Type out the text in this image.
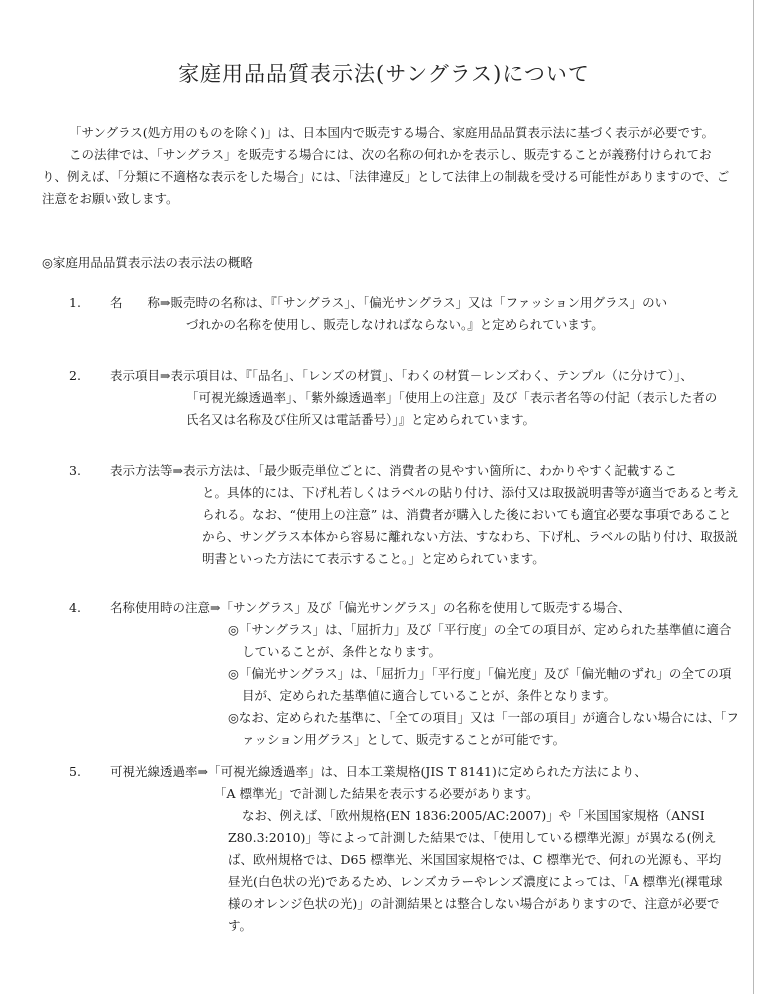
家庭用品品質表示法(サングラス)について
「サングラス(処方用のものを除く)」は、日本国内で販売する場合、家庭用品品質表示法に基づく表示が必要です。
この法律では、「サングラス」を販売する場合には、次の名称の何れかを表示し、販売することが義務付けられており、例えば、「分類に不適格な表示をした場合」には、「法律違反」として法律上の制裁を受ける可能性がありますので、ご注意をお願い致します。
◎家庭用品品質表示法の表示法の概略
1.	名　　称⇒販売時の名称は、『「サングラス」、「偏光サングラス」又は「ファッション用グラス」のい
づれかの名称を使用し、販売しなければならない。』と定められています。
2.	表示項目⇒表示項目は、『「品名」、「レンズの材質」、「わくの材質－レンズわく、テンプル（に分けて）」、
「可視光線透過率」、「紫外線透過率」「使用上の注意」及び「表示者名等の付記（表示した者の氏名又は名称及び住所又は電話番号）」』と定められています。
3.	表示方法等⇒表示方法は、「最少販売単位ごとに、消費者の見やすい箇所に、わかりやすく記載するこ
と。具体的には、下げ札若しくはラベルの貼り付け、添付又は取扱説明書等が適当であると考えられる。なお、“使用上の注意” は、消費者が購入した後においても適宜必要な事項であることから、サングラス本体から容易に離れない方法、すなわち、下げ札、ラベルの貼り付け、取扱説明書といった方法にて表示すること。」と定められています。
4.	名称使用時の注意⇒「サングラス」及び「偏光サングラス」の名称を使用して販売する場合、
◎「サングラス」は、「屈折力」及び「平行度」の全ての項目が、定められた基準値に適合していることが、条件となります。
◎「偏光サングラス」は、「屈折力」「平行度」「偏光度」及び「偏光軸のずれ」の全ての項目が、定められた基準値に適合していることが、条件となります。
◎なお、定められた基準に、「全ての項目」又は「一部の項目」が適合しない場合には、「ファッション用グラス」として、販売することが可能です。
5.	可視光線透過率⇒「可視光線透過率」は、日本工業規格(JIS T 8141)に定められた方法により、
「A 標準光」で計測した結果を表示する必要があります。
なお、例えば、「欧州規格(EN 1836:2005/AC:2007)」や「米国国家規格（ANSI Z80.3:2010)」等によって計測した結果では、「使用している標準光源」が異なる(例えば、欧州規格では、D65 標準光、米国国家規格では、C 標準光で、何れの光源も、平均昼光(白色状の光)であるため、レンズカラーやレンズ濃度によっては、「A 標準光(裸電球様のオレンジ色状の光)」の計測結果とは整合しない場合がありますので、注意が必要です。
